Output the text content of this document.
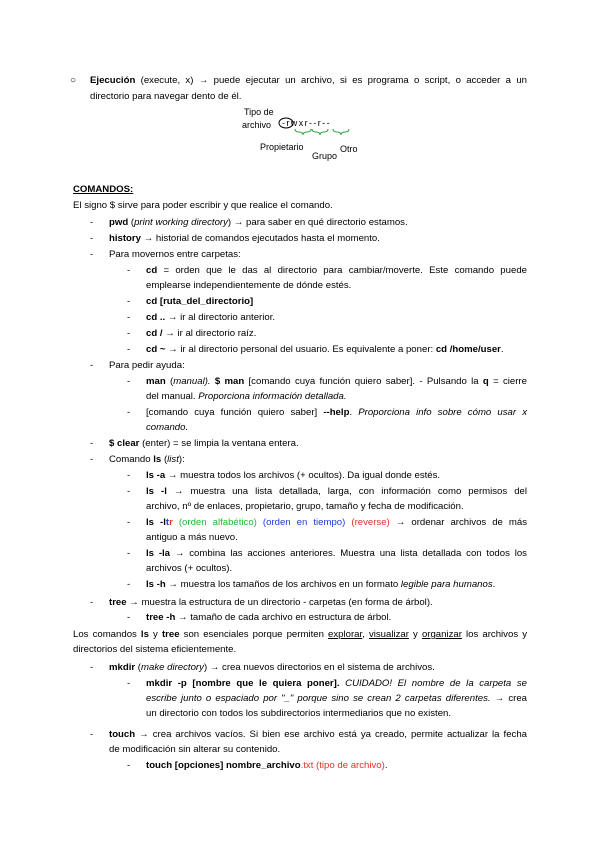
○ Ejecución (execute, x) → puede ejecutar un archivo, si es programa o script, o acceder a un
directorio para navegar dento de él.
Tipo de
archivo -rwxr--r--
Propietario
Grupo
Otro
COMANDOS:
El signo $ sirve para poder escribir y que realice el comando.
- pwd (print working directory) → para saber en qué directorio estamos.
- history → historial de comandos ejecutados hasta el momento.
- Para movernos entre carpetas:
- cd = orden que le das al directorio para cambiar/moverte. Este comando puede
emplearse independientemente de dónde estés.
- cd [ruta_del_directorio]
- cd .. → ir al directorio anterior.
- cd / → ir al directorio raíz.
- cd ~ → ir al directorio personal del usuario. Es equivalente a poner: cd /home/user.
- Para pedir ayuda:
- man (manual). $ man [comando cuya función quiero saber]. - Pulsando la q = cierre
del manual. Proporciona información detallada.
- [comando cuya función quiero saber] --help. Proporciona info sobre cómo usar x
comando.
- $ clear (enter) = se limpia la ventana entera.
- Comando ls (list):
- ls -a → muestra todos los archivos (+ ocultos). Da igual donde estés.
- ls -l → muestra una lista detallada, larga, con información como permisos del
archivo, nº de enlaces, propietario, grupo, tamaño y fecha de modificación.
- ls -ltr (orden alfabético) (orden en tiempo) (reverse) → ordenar archivos de más
antiguo a más nuevo.
- ls -la → combina las acciones anteriores. Muestra una lista detallada con todos los
archivos (+ ocultos).
- ls -h → muestra los tamaños de los archivos en un formato legible para humanos.
- tree → muestra la estructura de un directorio - carpetas (en forma de árbol).
- tree -h → tamaño de cada archivo en estructura de árbol.
Los comandos ls y tree son esenciales porque permiten explorar, visualizar y organizar los archivos y
directorios del sistema eficientemente.
- mkdir (make directory) → crea nuevos directorios en el sistema de archivos.
- mkdir -p [nombre que le quiera poner]. CUIDADO! El nombre de la carpeta se
escribe junto o espaciado por "_" porque sino se crean 2 carpetas diferentes. → crea
un directorio con todos los subdirectorios intermediarios que no existen.
- touch → crea archivos vacíos. Si bien ese archivo está ya creado, permite actualizar la fecha
de modificación sin alterar su contenido.
- touch [opciones] nombre_archivo.txt (tipo de archivo).
